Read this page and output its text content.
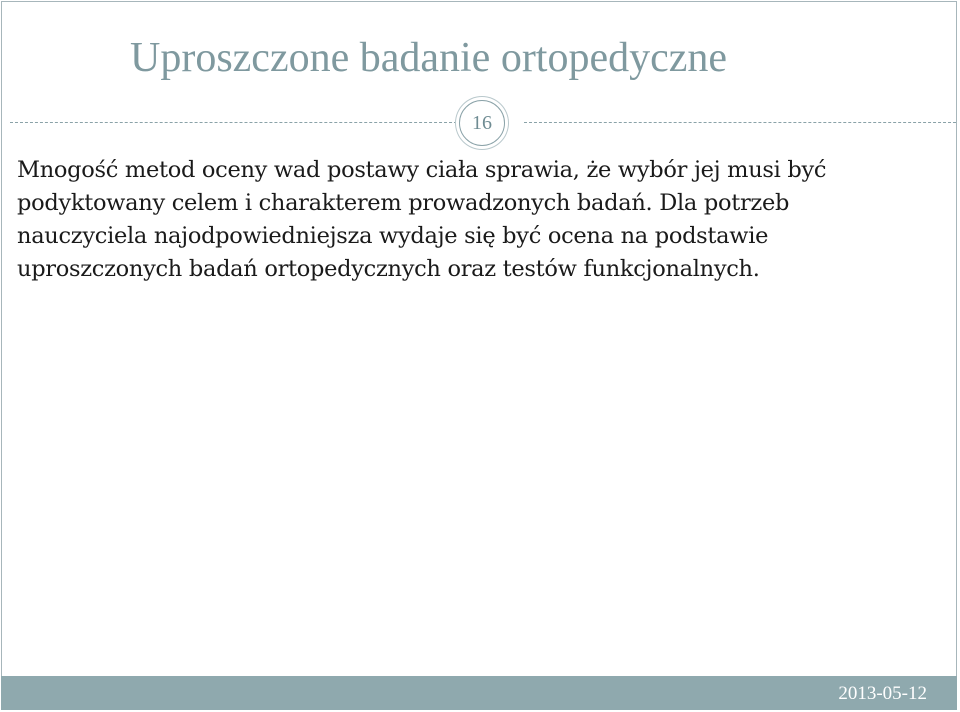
Uproszczone badanie ortopedyczne
16

Mnogość metod oceny wad postawy ciała sprawia, że wybór jej musi być podyktowany celem i charakterem prowadzonych badań. Dla potrzeb nauczyciela najodpowiedniejsza wydaje się być ocena na podstawie uproszczonych badań ortopedycznych oraz testów funkcjonalnych.

2013-05-12
